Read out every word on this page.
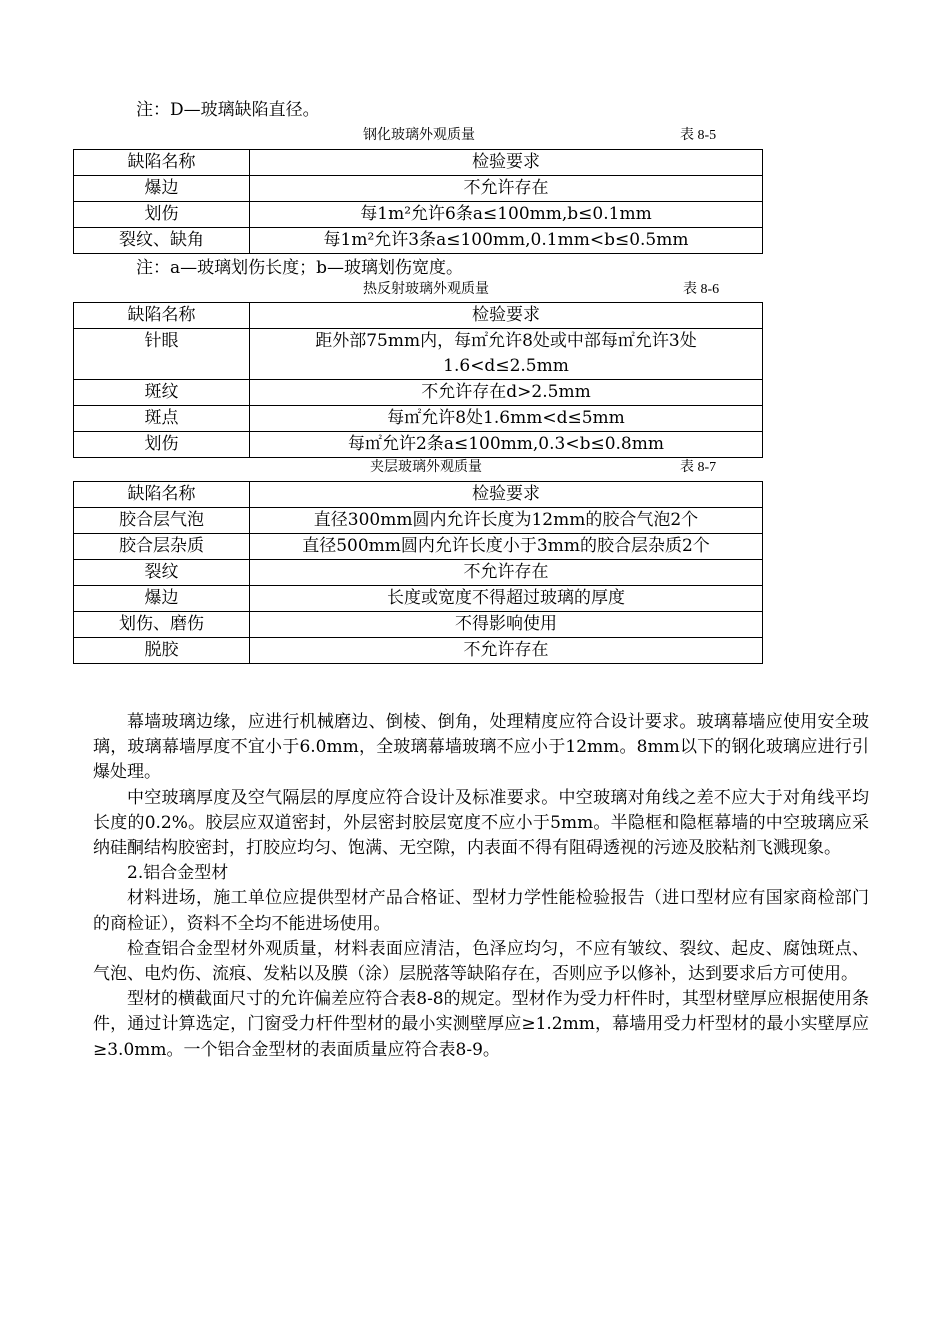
注：D—玻璃缺陷直径。
钢化玻璃外观质量	表 8-5
缺陷名称	检验要求
爆边	不允许存在
划伤	每1m²允许6条a≤100mm,b≤0.1mm
裂纹、缺角	每1m²允许3条a≤100mm,0.1mm<b≤0.5mm
注：a—玻璃划伤长度；b—玻璃划伤宽度。
热反射玻璃外观质量	表 8-6
缺陷名称	检验要求
针眼	距外部75mm内，每㎡允许8处或中部每㎡允许3处1.6<d≤2.5mm
斑纹	不允许存在d>2.5mm
斑点	每㎡允许8处1.6mm<d≤5mm
划伤	每㎡允许2条a≤100mm,0.3<b≤0.8mm
夹层玻璃外观质量	表 8-7
缺陷名称	检验要求
胶合层气泡	直径300mm圆内允许长度为12mm的胶合气泡2个
胶合层杂质	直径500mm圆内允许长度小于3mm的胶合层杂质2个
裂纹	不允许存在
爆边	长度或宽度不得超过玻璃的厚度
划伤、磨伤	不得影响使用
脱胶	不允许存在

幕墙玻璃边缘，应进行机械磨边、倒棱、倒角，处理精度应符合设计要求。玻璃幕墙应使用安全玻璃，玻璃幕墙厚度不宜小于6.0mm，全玻璃幕墙玻璃不应小于12mm。8mm以下的钢化玻璃应进行引爆处理。

中空玻璃厚度及空气隔层的厚度应符合设计及标准要求。中空玻璃对角线之差不应大于对角线平均长度的0.2%。胶层应双道密封，外层密封胶层宽度不应小于5mm。半隐框和隐框幕墙的中空玻璃应采纳硅酮结构胶密封，打胶应均匀、饱满、无空隙，内表面不得有阻碍透视的污迹及胶粘剂飞溅现象。

2.铝合金型材

材料进场，施工单位应提供型材产品合格证、型材力学性能检验报告（进口型材应有国家商检部门的商检证），资料不全均不能进场使用。

检查铝合金型材外观质量，材料表面应清洁，色泽应均匀，不应有皱纹、裂纹、起皮、腐蚀斑点、气泡、电灼伤、流痕、发粘以及膜（涂）层脱落等缺陷存在，否则应予以修补，达到要求后方可使用。

型材的横截面尺寸的允许偏差应符合表8-8的规定。型材作为受力杆件时，其型材壁厚应根据使用条件，通过计算选定，门窗受力杆件型材的最小实测壁厚应≥1.2mm，幕墙用受力杆型材的最小实壁厚应≥3.0mm。一个铝合金型材的表面质量应符合表8-9。
